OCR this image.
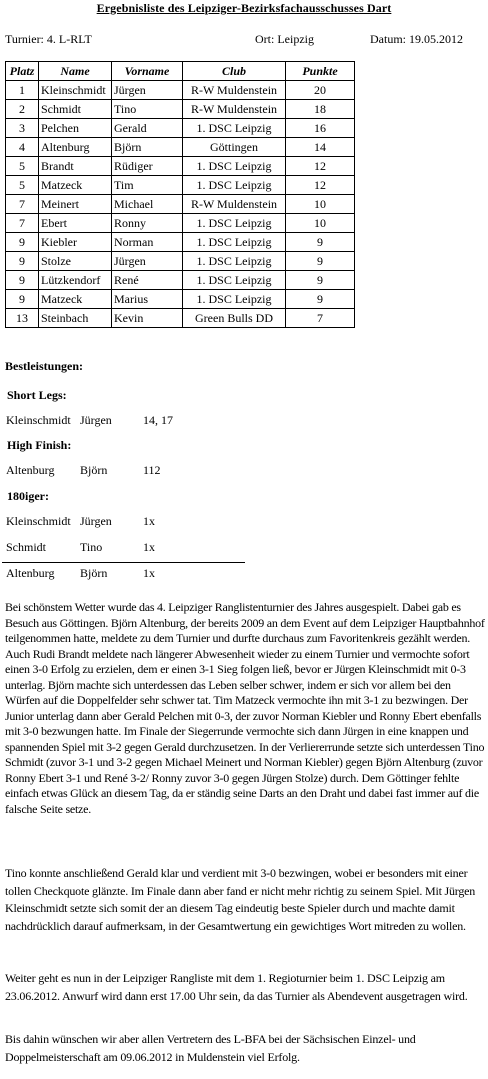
Ergebnisliste des Leipziger-Bezirksfachausschusses Dart
Turnier: 4. L-RLT	Ort: Leipzig	Datum: 19.05.2012
Platz	Name	Vorname	Club	Punkte
1	Kleinschmidt	Jürgen	R-W Muldenstein	20
2	Schmidt	Tino	R-W Muldenstein	18
3	Pelchen	Gerald	1. DSC Leipzig	16
4	Altenburg	Björn	Göttingen	14
5	Brandt	Rüdiger	1. DSC Leipzig	12
5	Matzeck	Tim	1. DSC Leipzig	12
7	Meinert	Michael	R-W Muldenstein	10
7	Ebert	Ronny	1. DSC Leipzig	10
9	Kiebler	Norman	1. DSC Leipzig	9
9	Stolze	Jürgen	1. DSC Leipzig	9
9	Lützkendorf	René	1. DSC Leipzig	9
9	Matzeck	Marius	1. DSC Leipzig	9
13	Steinbach	Kevin	Green Bulls DD	7
Bestleistungen:
Short Legs:
Kleinschmidt Jürgen	14, 17
High Finish:
Altenburg Björn	112
180iger:
Kleinschmidt Jürgen	1x
Schmidt	Tino	1x
Altenburg Björn	1x
Bei schönstem Wetter wurde das 4. Leipziger Ranglistenturnier des Jahres ausgespielt. Dabei gab es Besuch aus Göttingen. Björn Altenburg, der bereits 2009 an dem Event auf dem Leipziger Hauptbahnhof teilgenommen hatte, meldete zu dem Turnier und durfte durchaus zum Favoritenkreis gezählt werden. Auch Rudi Brandt meldete nach längerer Abwesenheit wieder zu einem Turnier und vermochte sofort einen 3-0 Erfolg zu erzielen, dem er einen 3-1 Sieg folgen ließ, bevor er Jürgen Kleinschmidt mit 0-3 unterlag. Björn machte sich unterdessen das Leben selber schwer, indem er sich vor allem bei den Würfen auf die Doppelfelder sehr schwer tat. Tim Matzeck vermochte ihn mit 3-1 zu bezwingen. Der Junior unterlag dann aber Gerald Pelchen mit 0-3, der zuvor Norman Kiebler und Ronny Ebert ebenfalls mit 3-0 bezwungen hatte. Im Finale der Siegerrunde vermochte sich dann Jürgen in eine knappen und spannenden Spiel mit 3-2 gegen Gerald durchzusetzen. In der Verliererrunde setzte sich unterdessen Tino Schmidt (zuvor 3-1 und 3-2 gegen Michael Meinert und Norman Kiebler) gegen Björn Altenburg (zuvor Ronny Ebert 3-1 und René 3-2/ Ronny zuvor 3-0 gegen Jürgen Stolze) durch. Dem Göttinger fehlte einfach etwas Glück an diesem Tag, da er ständig seine Darts an den Draht und dabei fast immer auf die falsche Seite setze.
Tino konnte anschließend Gerald klar und verdient mit 3-0 bezwingen, wobei er besonders mit einer tollen Checkquote glänzte. Im Finale dann aber fand er nicht mehr richtig zu seinem Spiel. Mit Jürgen Kleinschmidt setzte sich somit der an diesem Tag eindeutig beste Spieler durch und machte damit nachdrücklich darauf aufmerksam, in der Gesamtwertung ein gewichtiges Wort mitreden zu wollen.
Weiter geht es nun in der Leipziger Rangliste mit dem 1. Regioturnier beim 1. DSC Leipzig am 23.06.2012. Anwurf wird dann erst 17.00 Uhr sein, da das Turnier als Abendevent ausgetragen wird.
Bis dahin wünschen wir aber allen Vertretern des L-BFA bei der Sächsischen Einzel- und Doppelmeisterschaft am 09.06.2012 in Muldenstein viel Erfolg.
